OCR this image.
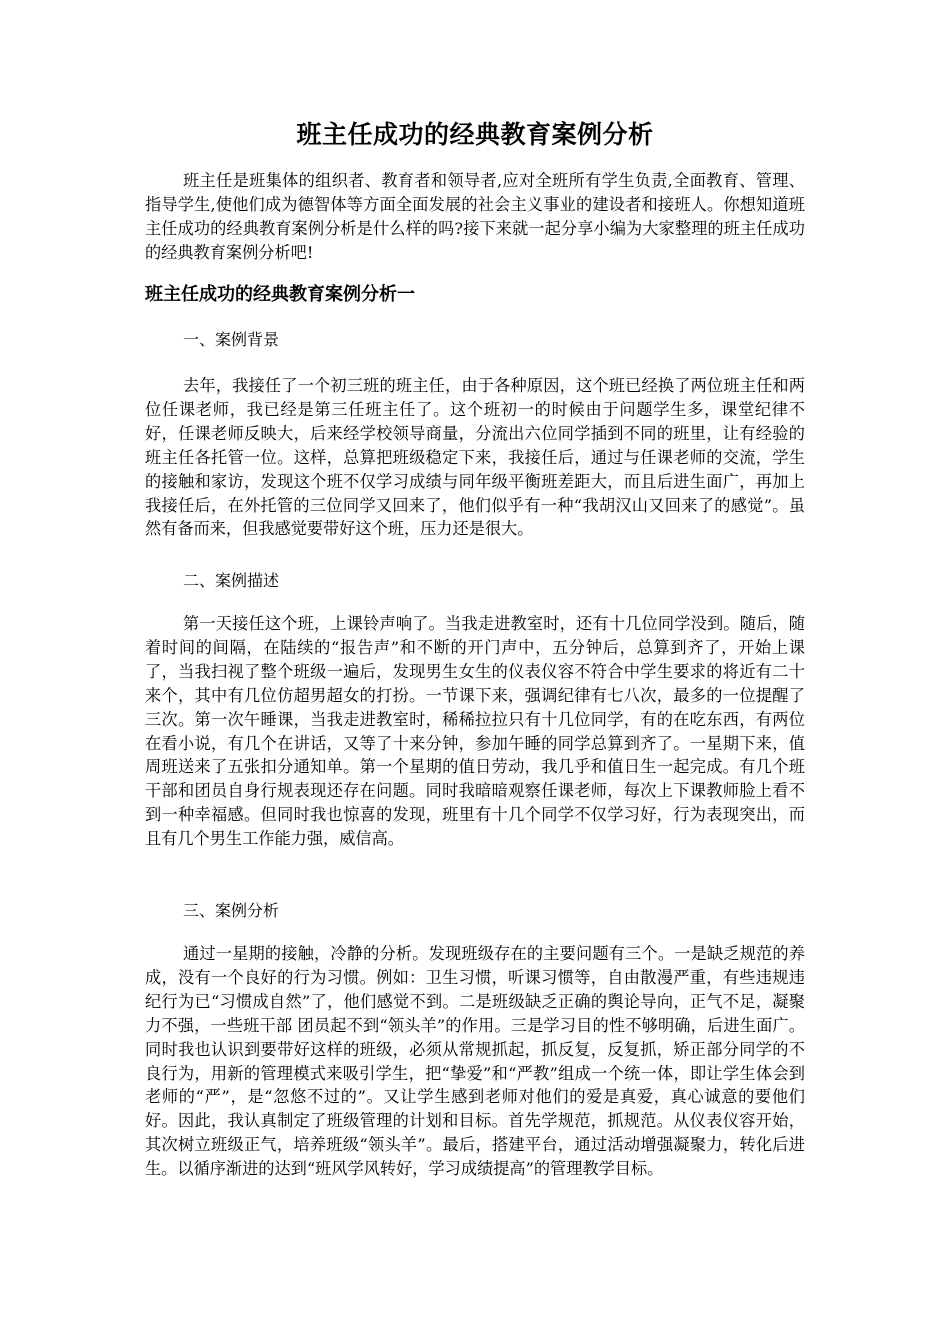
班主任成功的经典教育案例分析

班主任是班集体的组织者、教育者和领导者,应对全班所有学生负责,全面教育、管理、指导学生,使他们成为德智体等方面全面发展的社会主义事业的建设者和接班人。你想知道班主任成功的经典教育案例分析是什么样的吗?接下来就一起分享小编为大家整理的班主任成功的经典教育案例分析吧!

班主任成功的经典教育案例分析一
一、案例背景

去年，我接任了一个初三班的班主任，由于各种原因，这个班已经换了两位班主任和两位任课老师，我已经是第三任班主任了。这个班初一的时候由于问题学生多，课堂纪律不好，任课老师反映大，后来经学校领导商量，分流出六位同学插到不同的班里，让有经验的班主任各托管一位。这样，总算把班级稳定下来，我接任后，通过与任课老师的交流，学生的接触和家访，发现这个班不仅学习成绩与同年级平衡班差距大，而且后进生面广，再加上我接任后，在外托管的三位同学又回来了，他们似乎有一种“我胡汉山又回来了的感觉”。虽然有备而来，但我感觉要带好这个班，压力还是很大。

二、案例描述

第一天接任这个班，上课铃声响了。当我走进教室时，还有十几位同学没到。随后，随着时间的间隔，在陆续的“报告声”和不断的开门声中，五分钟后，总算到齐了，开始上课了，当我扫视了整个班级一遍后，发现男生女生的仪表仪容不符合中学生要求的将近有二十来个，其中有几位仿超男超女的打扮。一节课下来，强调纪律有七八次，最多的一位提醒了三次。第一次午睡课，当我走进教室时，稀稀拉拉只有十几位同学，有的在吃东西，有两位在看小说，有几个在讲话，又等了十来分钟，参加午睡的同学总算到齐了。一星期下来，值周班送来了五张扣分通知单。第一个星期的值日劳动，我几乎和值日生一起完成。有几个班干部和团员自身行规表现还存在问题。同时我暗暗观察任课老师，每次上下课教师脸上看不到一种幸福感。但同时我也惊喜的发现，班里有十几个同学不仅学习好，行为表现突出，而且有几个男生工作能力强，威信高。

三、案例分析

通过一星期的接触，冷静的分析。发现班级存在的主要问题有三个。一是缺乏规范的养成，没有一个良好的行为习惯。例如：卫生习惯，听课习惯等，自由散漫严重，有些违规违纪行为已“习惯成自然”了，他们感觉不到。二是班级缺乏正确的舆论导向，正气不足，凝聚力不强，一些班干部 团员起不到“领头羊”的作用。三是学习目的性不够明确，后进生面广。同时我也认识到要带好这样的班级，必须从常规抓起，抓反复，反复抓，矫正部分同学的不良行为，用新的管理模式来吸引学生，把“挚爱”和“严教”组成一个统一体，即让学生体会到老师的“严”，是“忽悠不过的”。又让学生感到老师对他们的爱是真爱，真心诚意的要他们好。因此，我认真制定了班级管理的计划和目标。首先学规范，抓规范。从仪表仪容开始，其次树立班级正气，培养班级“领头羊”。最后，搭建平台，通过活动增强凝聚力，转化后进生。以循序渐进的达到“班风学风转好，学习成绩提高”的管理教学目标。
